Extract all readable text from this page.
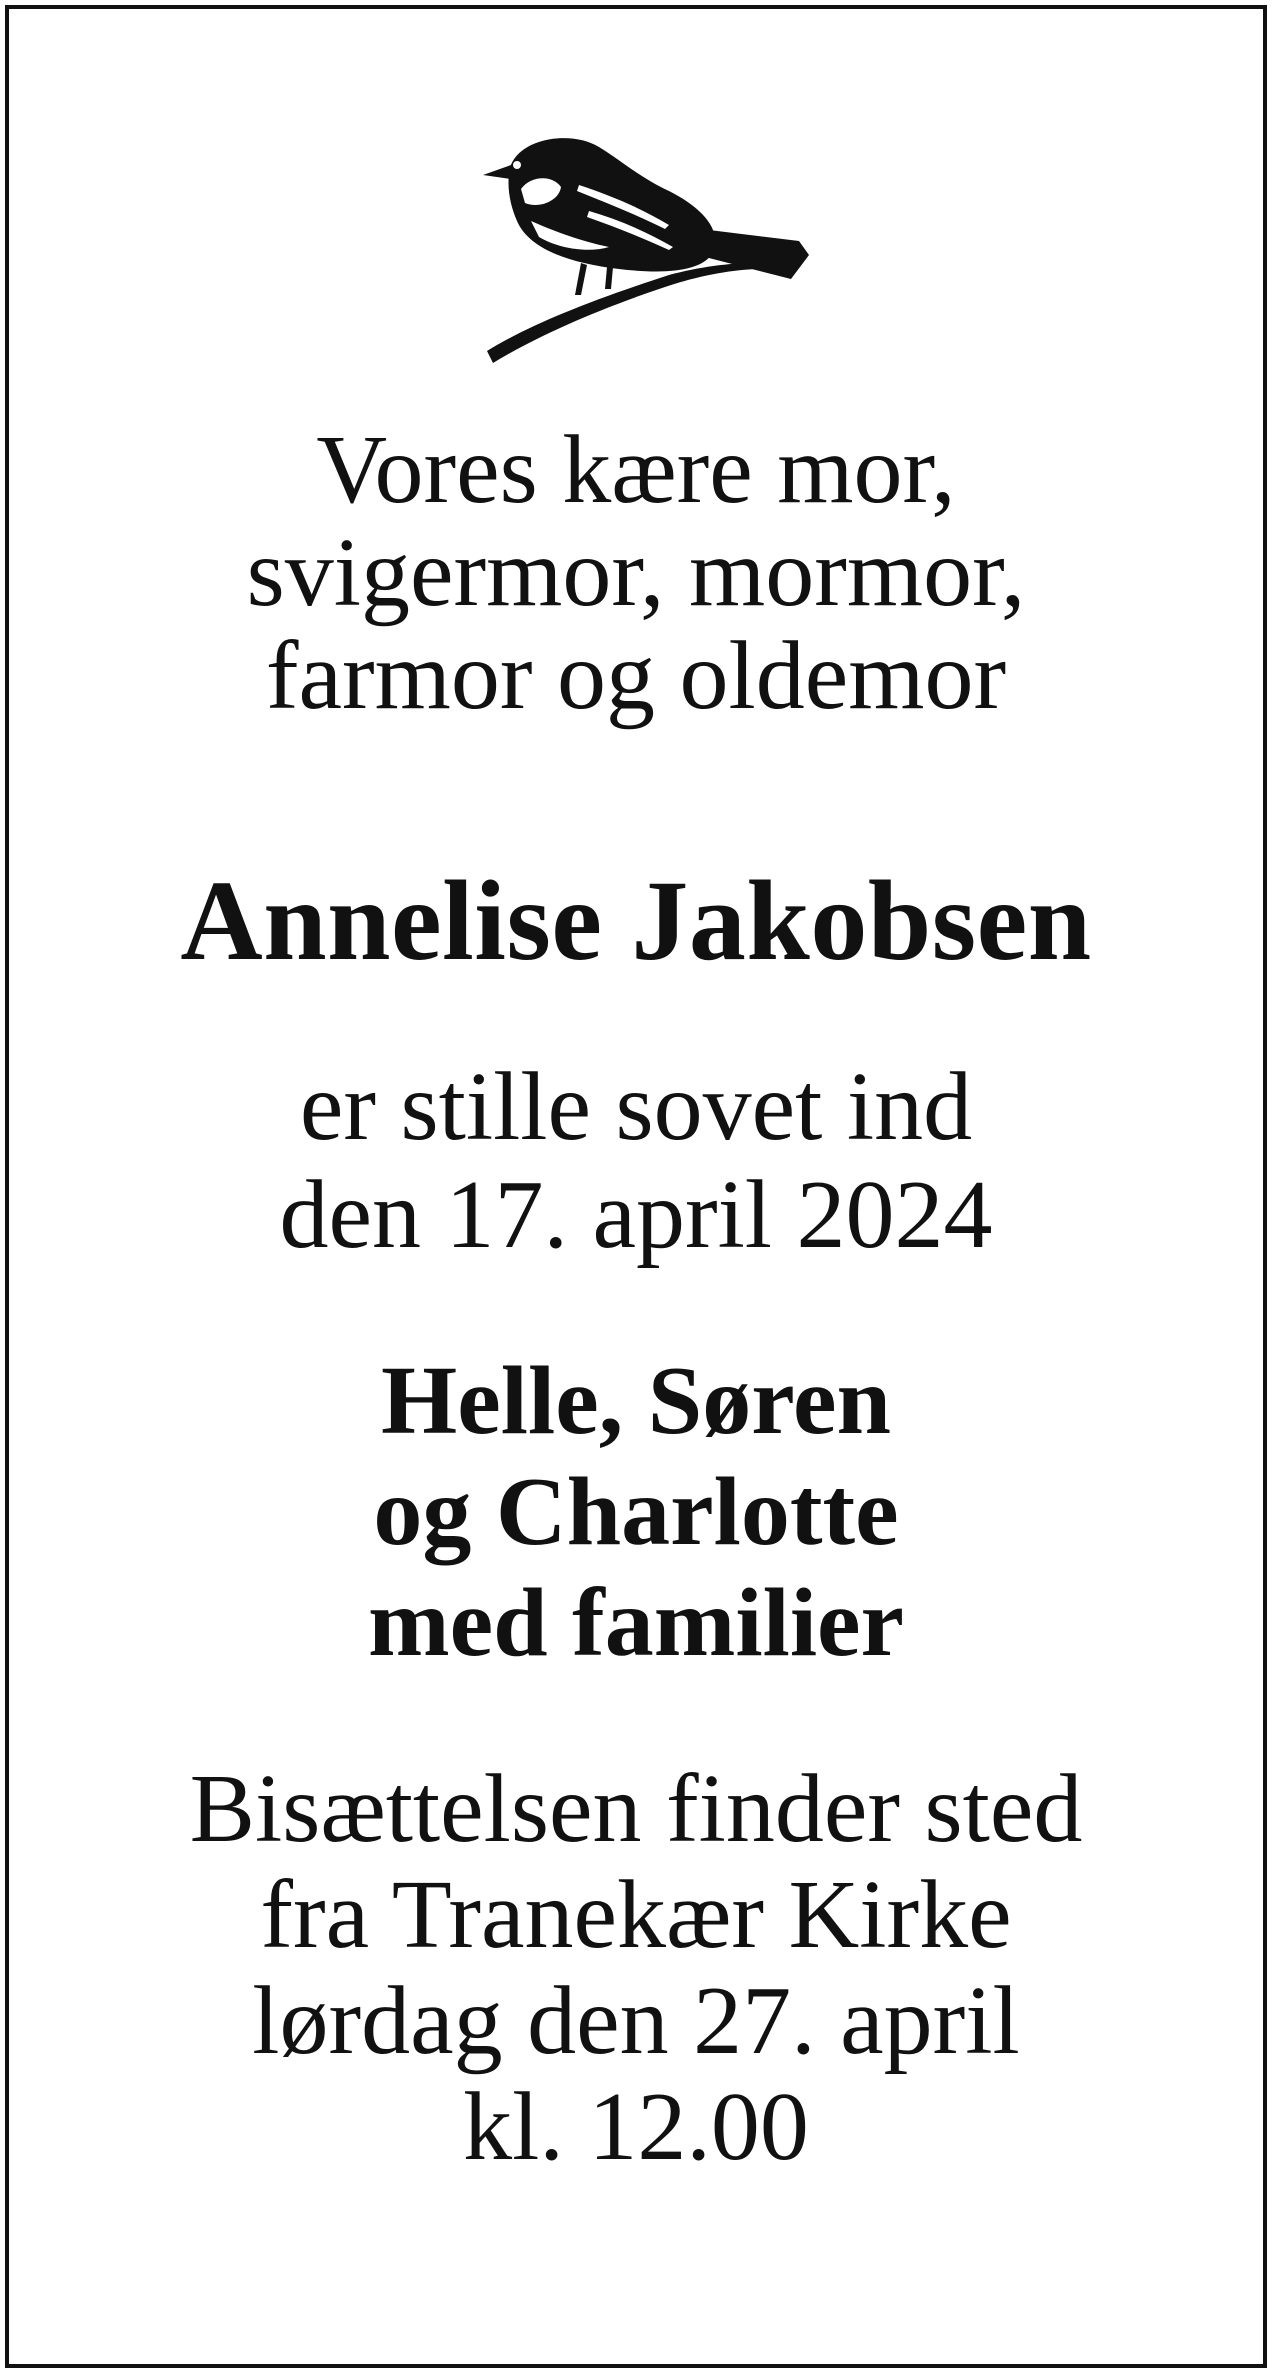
Vores kære mor,
svigermor, mormor,
farmor og oldemor
Annelise Jakobsen
er stille sovet ind
den 17. april 2024
Helle, Søren
og Charlotte
med familier
Bisættelsen finder sted
fra Tranekær Kirke
lørdag den 27. april
kl. 12.00
